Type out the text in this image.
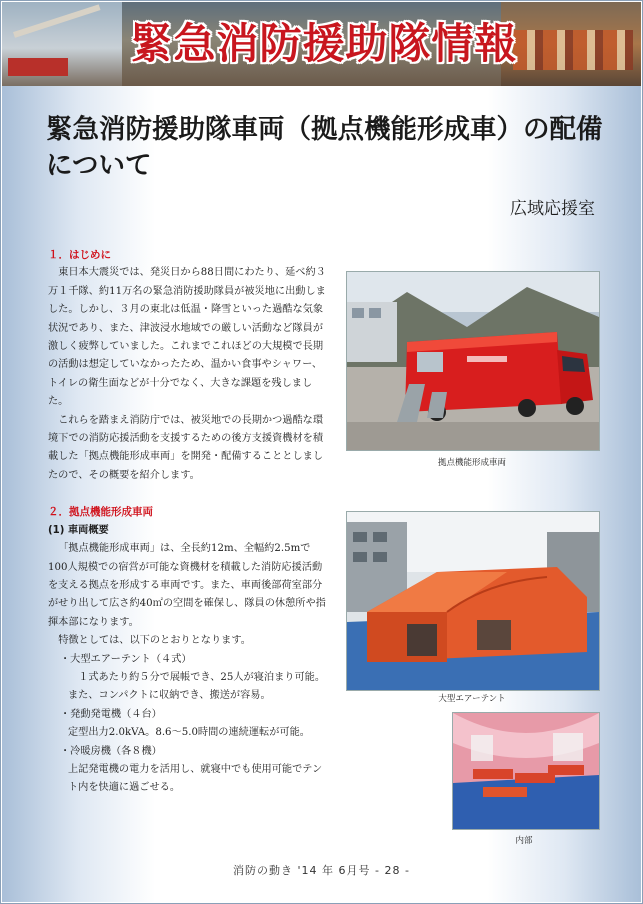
緊急消防援助隊情報
緊急消防援助隊車両（拠点機能形成車）の配備について

広域応援室

１．はじめに

東日本大震災では、発災日から88日間にわたり、延べ約３万１千隊、約11万名の緊急消防援助隊員が被災地に出動しました。しかし、３月の東北は低温・降雪といった過酷な気象状況であり、また、津波浸水地域での厳しい活動など隊員が激しく疲弊していました。これまでこれほどの大規模で長期の活動は想定していなかったため、温かい食事やシャワー、トイレの衛生面などが十分でなく、大きな課題を残しました。

これらを踏まえ消防庁では、被災地での長期かつ過酷な環境下での消防応援活動を支援するための後方支援資機材を積載した「拠点機能形成車両」を開発・配備することとしましたので、その概要を紹介します。

２．拠点機能形成車両
(1) 車両概要

「拠点機能形成車両」は、全長約12m、全幅約2.5mで100人規模での宿営が可能な資機材を積載した消防応援活動を支える拠点を形成する車両です。また、車両後部荷室部分がせり出して広さ約40㎡の空間を確保し、隊員の休憩所や指揮本部になります。

特徴としては、以下のとおりとなります。

・大型エアーテント（４式）

１式あたり約５分で展帳でき、25人が寝泊まり可能。また、コンパクトに収納でき、搬送が容易。

・発動発電機（４台）

定型出力2.0kVA。8.6～5.0時間の連続運転が可能。

・冷暖房機（各８機）

上記発電機の電力を活用し、就寝中でも使用可能でテント内を快適に過ごせる。

拠点機能形成車両
大型エアーテント
内部
消防の動き '14 年 6月号 - 28 -
